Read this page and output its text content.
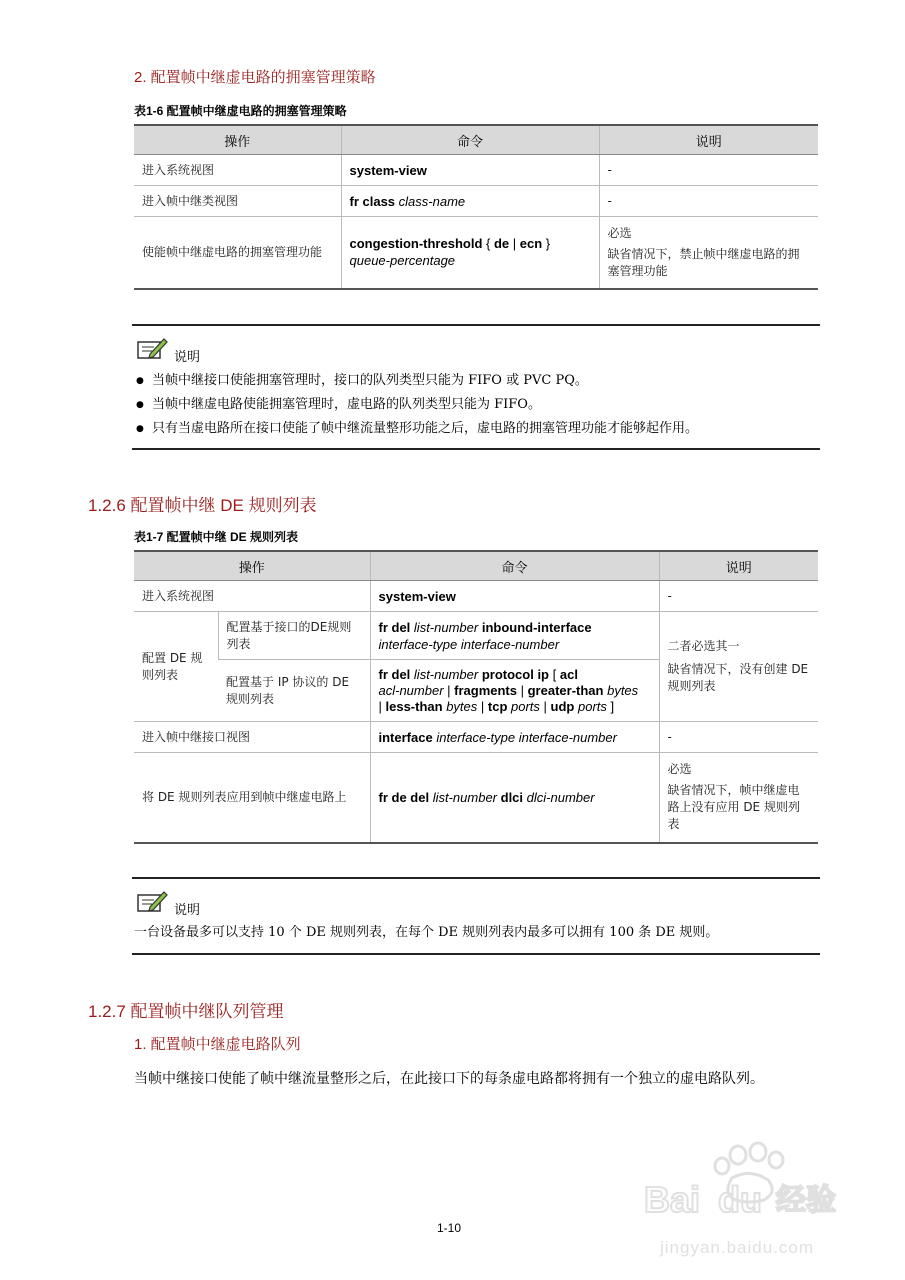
2. 配置帧中继虚电路的拥塞管理策略
表1-6 配置帧中继虚电路的拥塞管理策略
操作	命令	说明
进入系统视图	system-view	-
进入帧中继类视图	fr class class-name	-
使能帧中继虚电路的拥塞管理功能	congestion-threshold { de | ecn }
queue-percentage	必选
缺省情况下，禁止帧中继虚电路的拥塞管理功能
说明
● 当帧中继接口使能拥塞管理时，接口的队列类型只能为 FIFO 或 PVC PQ。
● 当帧中继虚电路使能拥塞管理时，虚电路的队列类型只能为 FIFO。
● 只有当虚电路所在接口使能了帧中继流量整形功能之后，虚电路的拥塞管理功能才能够起作用。
1.2.6 配置帧中继 DE 规则列表
表1-7 配置帧中继 DE 规则列表
操作		命令	说明
进入系统视图		system-view	-
配置 DE 规则列表	配置基于接口的DE规则列表	fr del list-number inbound-interface
interface-type interface-number	二者必选其一
缺省情况下，没有创建 DE 规则列表

	配置基于 IP 协议的 DE 规则列表	fr del list-number protocol ip [ acl
acl-number | fragments | greater-than bytes
| less-than bytes | tcp ports | udp ports ]	
进入帧中继接口视图		interface interface-type interface-number	-
将 DE 规则列表应用到帧中继虚电路上		fr de del list-number dlci dlci-number	必选
缺省情况下，帧中继虚电路上没有应用 DE 规则列表
说明
一台设备最多可以支持 10 个 DE 规则列表，在每个 DE 规则列表内最多可以拥有 100 条 DE 规则。
1.2.7 配置帧中继队列管理
1. 配置帧中继虚电路队列
当帧中继接口使能了帧中继流量整形之后，在此接口下的每条虚电路都将拥有一个独立的虚电路队列。
1-10
Bai du 经验
jingyan.baidu.com
